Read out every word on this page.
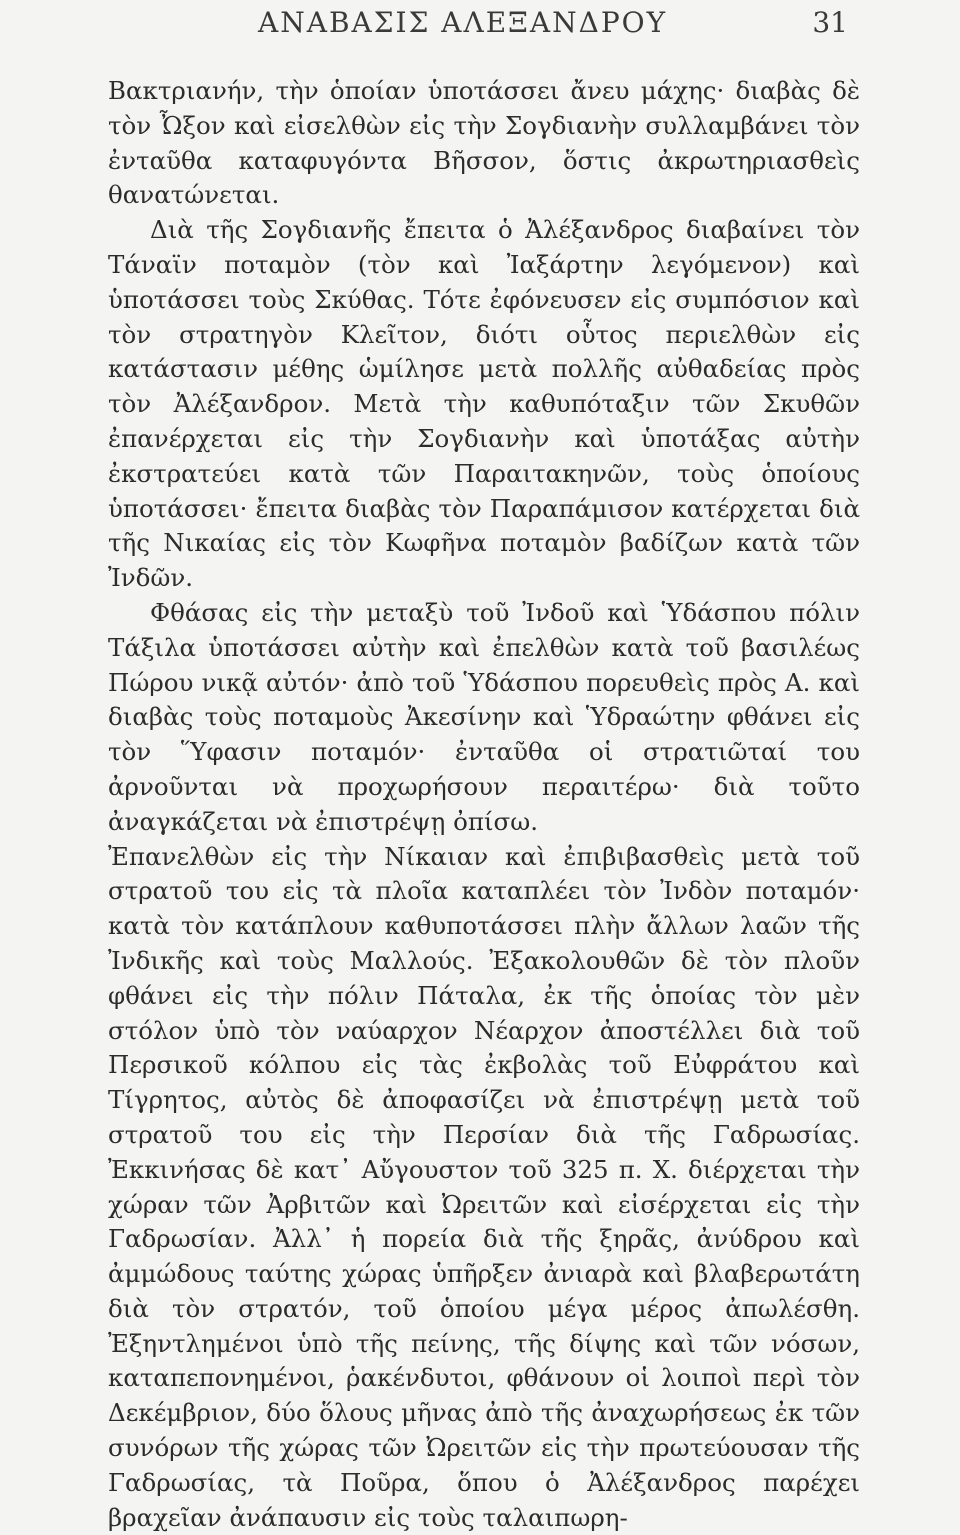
ΑΝΑΒΑΣΙΣ ΑΛΕΞΑΝΔΡΟΥ	31

Βακτριανήν, τὴν ὁποίαν ὑποτάσσει ἄνευ μάχης· διαβὰς δὲ τὸν Ὦξον καὶ εἰσελθὼν εἰς τὴν Σογδιανὴν συλλαμβάνει τὸν ἐνταῦθα καταφυγόντα Βῆσσον, ὅστις ἀκρωτηριασθεὶς θανατώνεται.

Διὰ τῆς Σογδιανῆς ἔπειτα ὁ Ἀλέξανδρος διαβαίνει τὸν Τάναϊν ποταμὸν (τὸν καὶ Ἰαξάρτην λεγόμενον) καὶ ὑποτάσσει τοὺς Σκύθας. Τότε ἐφόνευσεν εἰς συμπόσιον καὶ τὸν στρατηγὸν Κλεῖτον, διότι οὗτος περιελθὼν εἰς κατάστασιν μέθης ὡμίλησε μετὰ πολλῆς αὐθαδείας πρὸς τὸν Ἀλέξανδρον. Μετὰ τὴν καθυπόταξιν τῶν Σκυθῶν ἐπανέρχεται εἰς τὴν Σογδιανὴν καὶ ὑποτάξας αὐτὴν ἐκστρατεύει κατὰ τῶν Παραιτακηνῶν, τοὺς ὁποίους ὑποτάσσει· ἔπειτα διαβὰς τὸν Παραπάμισον κατέρχεται διὰ τῆς Νικαίας εἰς τὸν Κωφῆνα ποταμὸν βαδίζων κατὰ τῶν Ἰνδῶν.

Φθάσας εἰς τὴν μεταξὺ τοῦ Ἰνδοῦ καὶ Ὑδάσπου πόλιν Τάξιλα ὑποτάσσει αὐτὴν καὶ ἐπελθὼν κατὰ τοῦ βασιλέως Πώρου νικᾷ αὐτόν· ἀπὸ τοῦ Ὑδάσπου πορευθεὶς πρὸς Α. καὶ διαβὰς τοὺς ποταμοὺς Ἀκεσίνην καὶ Ὑδραώτην φθάνει εἰς τὸν Ὕφασιν ποταμόν· ἐνταῦθα οἱ στρατιῶταί του ἀρνοῦνται νὰ προχωρήσουν περαιτέρω· διὰ τοῦτο ἀναγκάζεται νὰ ἐπιστρέψῃ ὀπίσω.

Ἐπανελθὼν εἰς τὴν Νίκαιαν καὶ ἐπιβιβασθεὶς μετὰ τοῦ στρατοῦ του εἰς τὰ πλοῖα καταπλέει τὸν Ἰνδὸν ποταμόν· κατὰ τὸν κατάπλουν καθυποτάσσει πλὴν ἄλλων λαῶν τῆς Ἰνδικῆς καὶ τοὺς Μαλλούς. Ἐξακολουθῶν δὲ τὸν πλοῦν φθάνει εἰς τὴν πόλιν Πάταλα, ἐκ τῆς ὁποίας τὸν μὲν στόλον ὑπὸ τὸν ναύαρχον Νέαρχον ἀποστέλλει διὰ τοῦ Περσικοῦ κόλπου εἰς τὰς ἐκβολὰς τοῦ Εὐφράτου καὶ Τίγρητος, αὐτὸς δὲ ἀποφασίζει νὰ ἐπιστρέψῃ μετὰ τοῦ στρατοῦ του εἰς τὴν Περσίαν διὰ τῆς Γαδρωσίας. Ἐκκινήσας δὲ κατ᾽ Αὔγουστον τοῦ 325 π. Χ. διέρχεται τὴν χώραν τῶν Ἀρβιτῶν καὶ Ὠρειτῶν καὶ εἰσέρχεται εἰς τὴν Γαδρωσίαν. Ἀλλ᾽ ἡ πορεία διὰ τῆς ξηρᾶς, ἀνύδρου καὶ ἀμμώδους ταύτης χώρας ὑπῆρξεν ἀνιαρὰ καὶ βλαβερωτάτη διὰ τὸν στρατόν, τοῦ ὁποίου μέγα μέρος ἀπωλέσθη. Ἐξηντλημένοι ὑπὸ τῆς πείνης, τῆς δίψης καὶ τῶν νόσων, καταπεπονημένοι, ῥακένδυτοι, φθάνουν οἱ λοιποὶ περὶ τὸν Δεκέμβριον, δύο ὅλους μῆνας ἀπὸ τῆς ἀναχωρήσεως ἐκ τῶν συνόρων τῆς χώρας τῶν Ὠρειτῶν εἰς τὴν πρωτεύουσαν τῆς Γαδρωσίας, τὰ Ποῦρα, ὅπου ὁ Ἀλέξανδρος παρέχει βραχεῖαν ἀνάπαυσιν εἰς τοὺς ταλαιπωρη-
